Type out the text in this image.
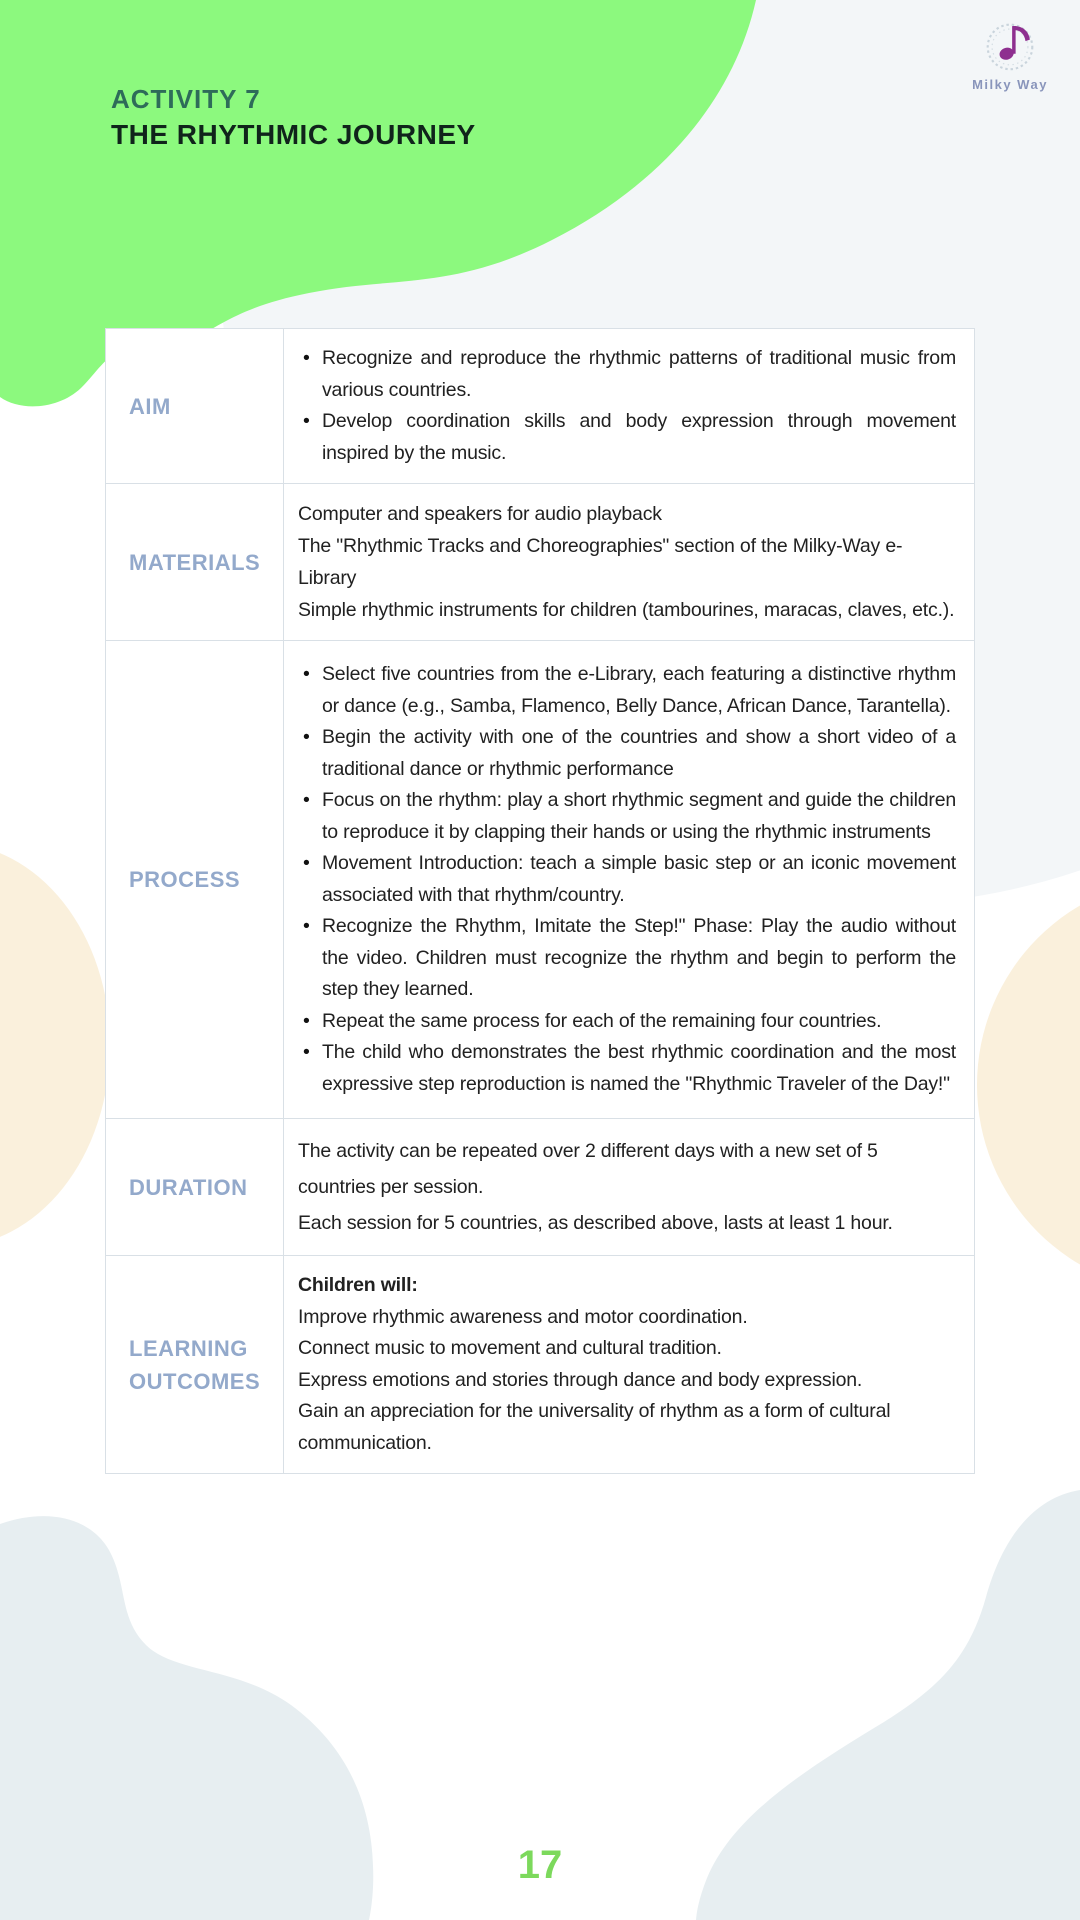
ACTIVITY 7
THE RHYTHMIC JOURNEY
Milky Way
AIM
• Recognize and reproduce the rhythmic patterns of traditional music from various countries.
• Develop coordination skills and body expression through movement inspired by the music.
MATERIALS
Computer and speakers for audio playback
The "Rhythmic Tracks and Choreographies" section of the Milky-Way e-Library
Simple rhythmic instruments for children (tambourines, maracas, claves, etc.).
PROCESS
• Select five countries from the e-Library, each featuring a distinctive rhythm or dance (e.g., Samba, Flamenco, Belly Dance, African Dance, Tarantella).
• Begin the activity with one of the countries and show a short video of a traditional dance or rhythmic performance
• Focus on the rhythm: play a short rhythmic segment and guide the children to reproduce it by clapping their hands or using the rhythmic instruments
• Movement Introduction: teach a simple basic step or an iconic movement associated with that rhythm/country.
• Recognize the Rhythm, Imitate the Step!" Phase: Play the audio without the video. Children must recognize the rhythm and begin to perform the step they learned.
• Repeat the same process for each of the remaining four countries.
• The child who demonstrates the best rhythmic coordination and the most expressive step reproduction is named the "Rhythmic Traveler of the Day!"
DURATION
The activity can be repeated over 2 different days with a new set of 5 countries per session.
Each session for 5 countries, as described above, lasts at least 1 hour.
LEARNING OUTCOMES
Children will:
Improve rhythmic awareness and motor coordination.
Connect music to movement and cultural tradition.
Express emotions and stories through dance and body expression.
Gain an appreciation for the universality of rhythm as a form of cultural communication.
17
